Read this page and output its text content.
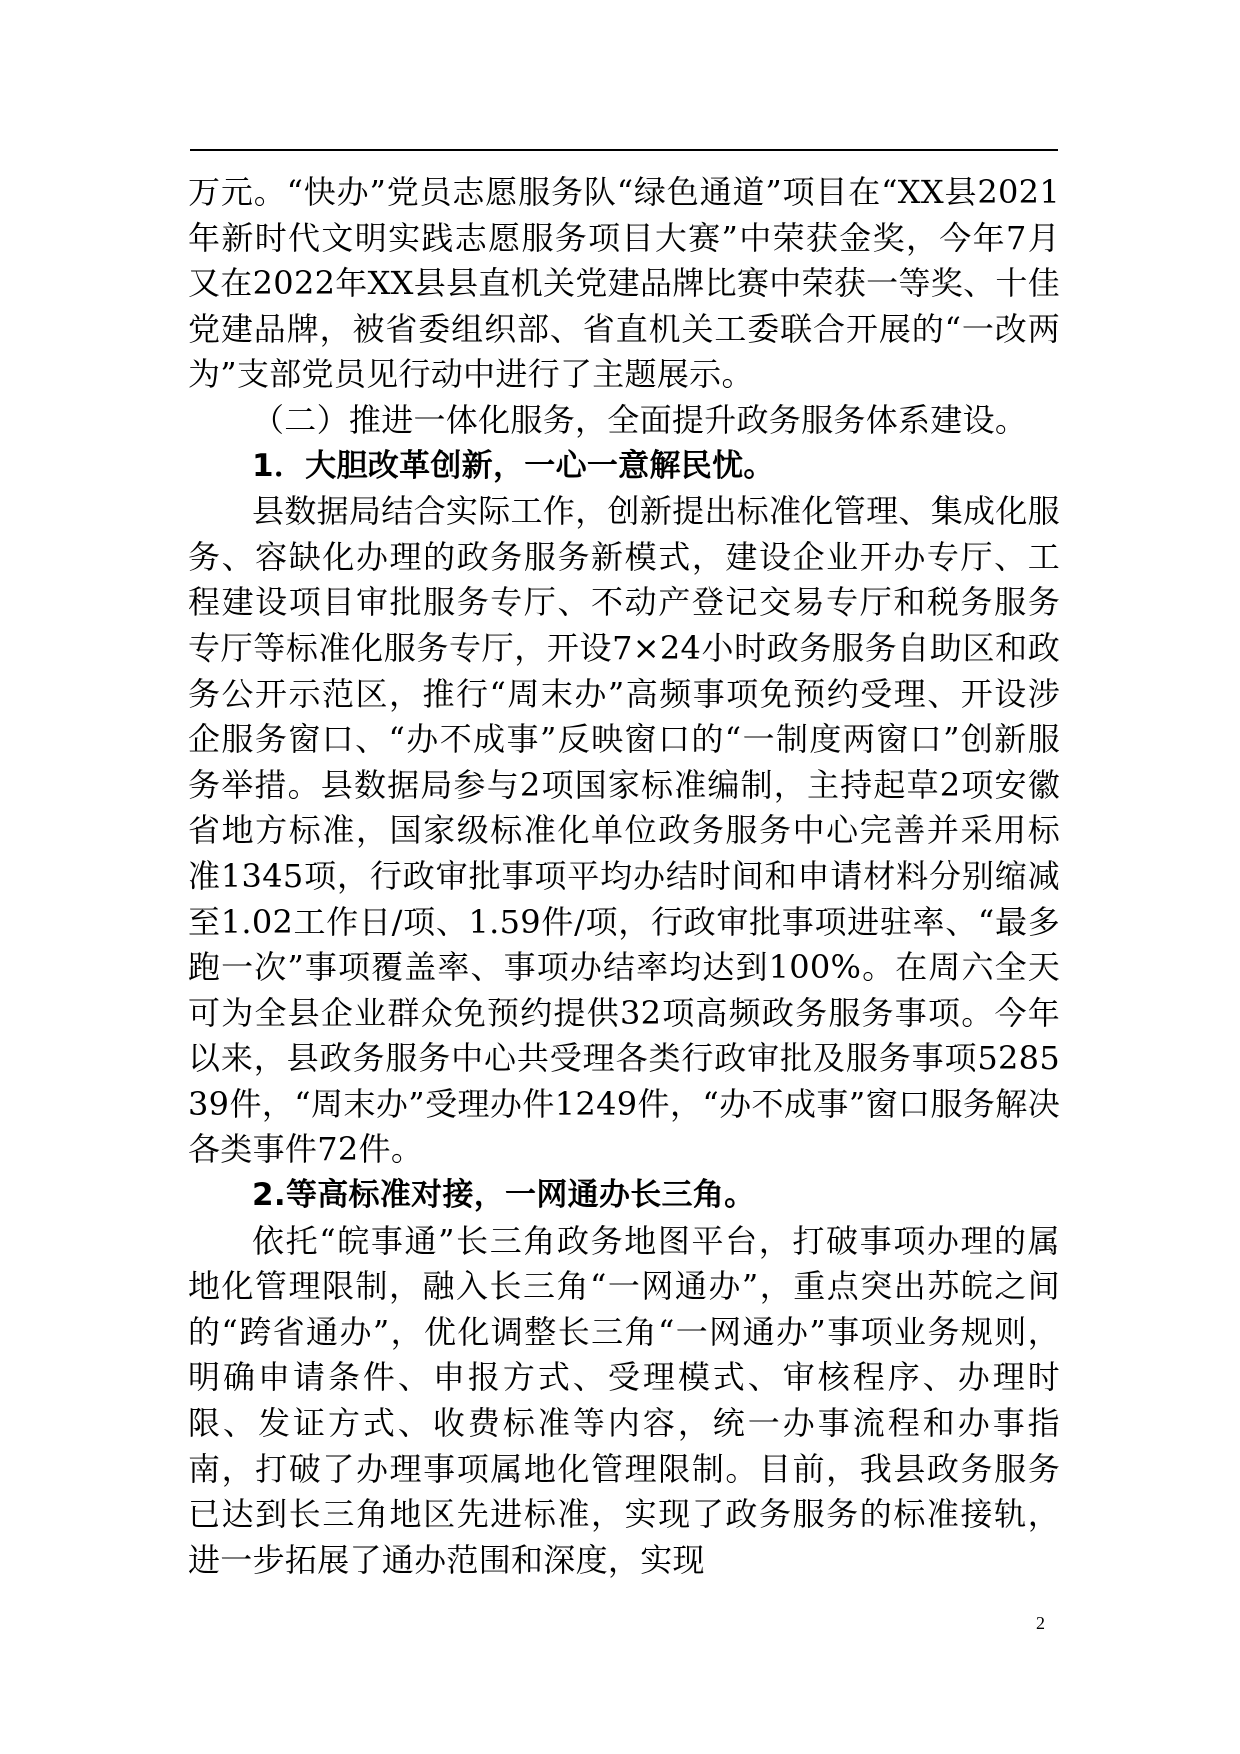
万元。“快办”党员志愿服务队“绿色通道”项目在“XX县2021年新时代文明实践志愿服务项目大赛”中荣获金奖，今年7月又在2022年XX县县直机关党建品牌比赛中荣获一等奖、十佳党建品牌，被省委组织部、省直机关工委联合开展的“一改两为”支部党员见行动中进行了主题展示。

（二）推进一体化服务，全面提升政务服务体系建设。

1．大胆改革创新，一心一意解民忧。

县数据局结合实际工作，创新提出标准化管理、集成化服务、容缺化办理的政务服务新模式，建设企业开办专厅、工程建设项目审批服务专厅、不动产登记交易专厅和税务服务专厅等标准化服务专厅，开设7×24小时政务服务自助区和政务公开示范区，推行“周末办”高频事项免预约受理、开设涉企服务窗口、“办不成事”反映窗口的“一制度两窗口”创新服务举措。县数据局参与2项国家标准编制，主持起草2项安徽省地方标准，国家级标准化单位政务服务中心完善并采用标准1345项，行政审批事项平均办结时间和申请材料分别缩减至1.02工作日/项、1.59件/项，行政审批事项进驻率、“最多跑一次”事项覆盖率、事项办结率均达到100%。在周六全天可为全县企业群众免预约提供32项高频政务服务事项。今年以来，县政务服务中心共受理各类行政审批及服务事项528539件，“周末办”受理办件1249件，“办不成事”窗口服务解决各类事件72件。

2.等高标准对接，一网通办长三角。

依托“皖事通”长三角政务地图平台，打破事项办理的属地化管理限制，融入长三角“一网通办”，重点突出苏皖之间的“跨省通办”，优化调整长三角“一网通办”事项业务规则，明确申请条件、申报方式、受理模式、审核程序、办理时限、发证方式、收费标准等内容，统一办事流程和办事指南，打破了办理事项属地化管理限制。目前，我县政务服务已达到长三角地区先进标准，实现了政务服务的标准接轨，进一步拓展了通办范围和深度，实现

2
